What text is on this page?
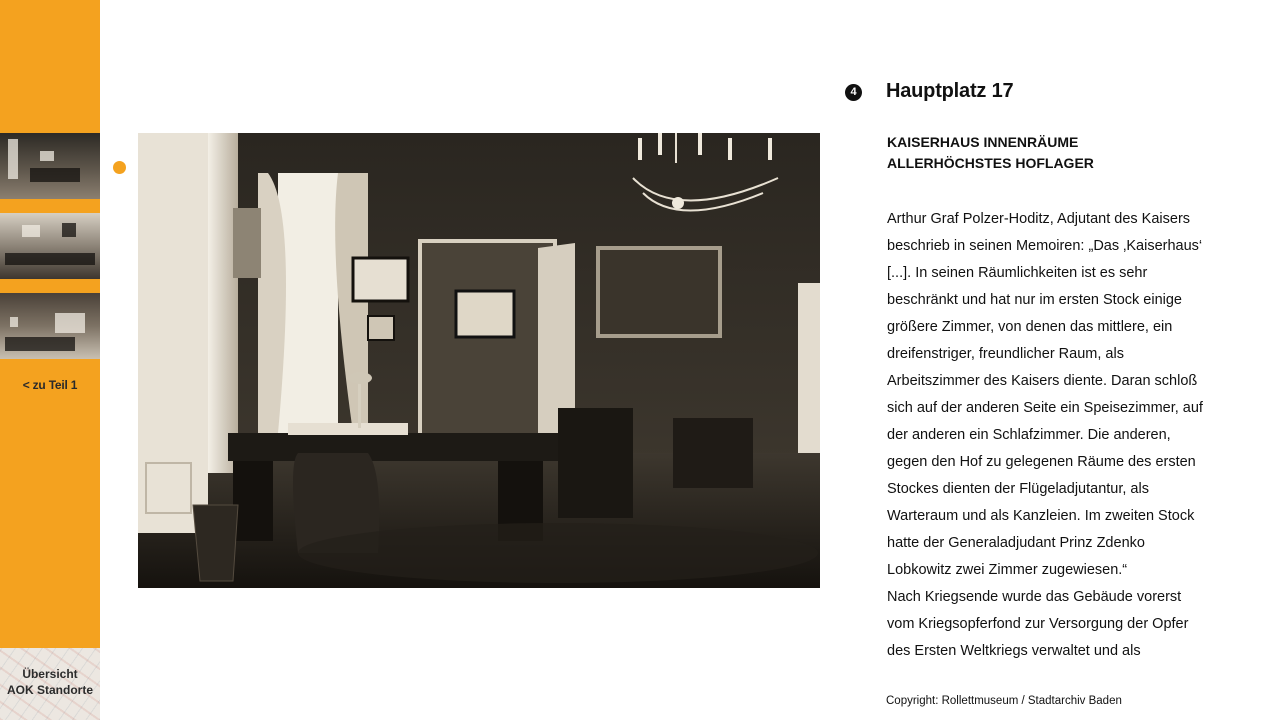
< zu Teil 1
Übersicht
AOK Standorte
4 Hauptplatz 17
KAISERHAUS INNENRÄUME
ALLERHÖCHSTES HOFLAGER

Arthur Graf Polzer-Hoditz, Adjutant des Kaisers

beschrieb in seinen Memoiren: „Das ‚Kaiserhaus‘

[...]. In seinen Räumlichkeiten ist es sehr

beschränkt und hat nur im ersten Stock einige

größere Zimmer, von denen das mittlere, ein

dreifenstriger, freundlicher Raum, als

Arbeitszimmer des Kaisers diente. Daran schloß

sich auf der anderen Seite ein Speisezimmer, auf

der anderen ein Schlafzimmer. Die anderen,

gegen den Hof zu gelegenen Räume des ersten

Stockes dienten der Flügeladjutantur, als

Warteraum und als Kanzleien. Im zweiten Stock

hatte der Generaladjudant Prinz Zdenko

Lobkowitz zwei Zimmer zugewiesen.“

Nach Kriegsende wurde das Gebäude vorerst

vom Kriegsopferfond zur Versorgung der Opfer

des Ersten Weltkriegs verwaltet und als

Copyright: Rollettmuseum / Stadtarchiv Baden
